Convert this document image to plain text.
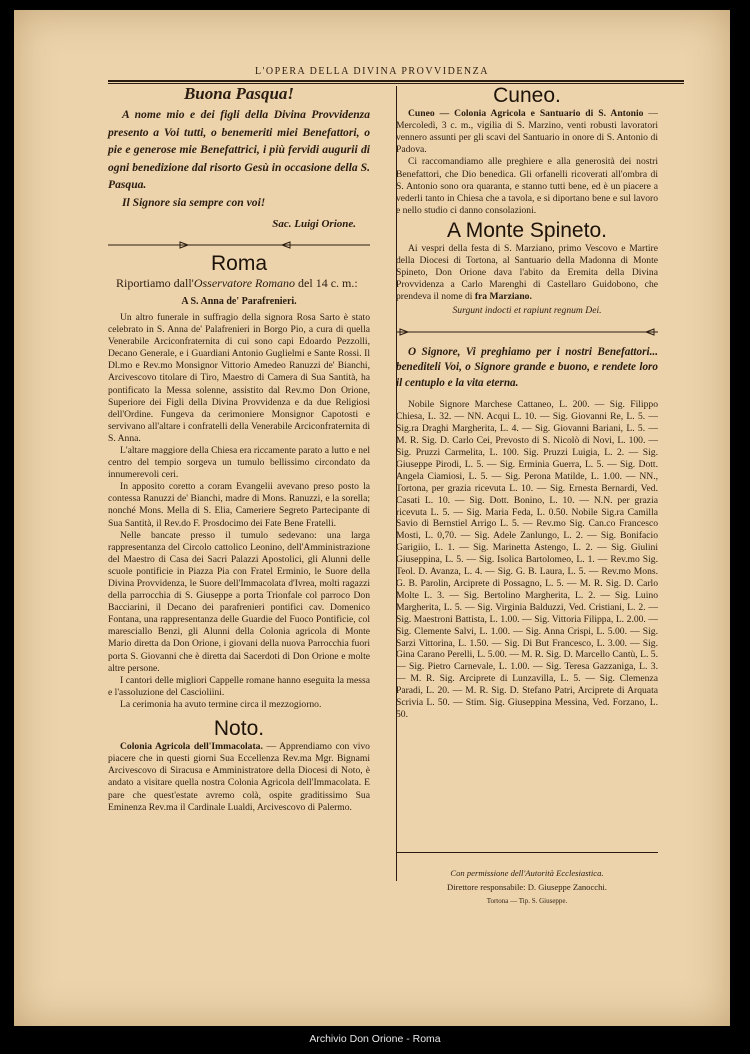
L'OPERA DELLA DIVINA PROVVIDENZA
Buona Pasqua!

A nome mio e dei figli della Divina Provvidenza presento a Voi tutti, o benemeriti miei Benefattori, o pie e generose mie Benefattrici, i più fervidi augurii di ogni benedizione dal risorto Gesù in occasione della S. Pasqua.

Il Signore sia sempre con voi!

Sac. Luigi Orione.
Roma

Riportiamo dall'Osservatore Romano del 14 c. m.:

A S. Anna de' Parafrenieri.

Un altro funerale in suffragio della signora Rosa Sarto è stato celebrato in S. Anna de' Palafrenieri in Borgo Pio, a cura di quella Venerabile Arciconfraternita di cui sono capi Edoardo Pezzolli, Decano Generale, e i Guardiani Antonio Guglielmi e Sante Rossi. Il Dl.mo e Rev.mo Monsignor Vittorio Amedeo Ranuzzi de' Bianchi, Arcivescovo titolare di Tiro, Maestro di Camera di Sua Santità, ha pontificato la Messa solenne, assistito dal Rev.mo Don Orione, Superiore dei Figli della Divina Provvidenza e da due Religiosi dell'Ordine. Fungeva da cerimoniere Monsignor Capotosti e servivano all'altare i confratelli della Venerabile Arciconfraternita di S. Anna.

L'altare maggiore della Chiesa era riccamente parato a lutto e nel centro del tempio sorgeva un tumulo bellissimo circondato da innumerevoli ceri.

In apposito coretto a coram Evangelii avevano preso posto la contessa Ranuzzi de' Bianchi, madre di Mons. Ranuzzi, e la sorella; nonché Mons. Mella di S. Elia, Cameriere Segreto Partecipante di Sua Santità, il Rev.do F. Prosdocimo dei Fate Bene Fratelli.

Nelle bancate presso il tumulo sedevano: una larga rappresentanza del Circolo cattolico Leonino, dell'Amministrazione del Maestro di Casa dei Sacri Palazzi Apostolici, gli Alunni delle scuole pontificie in Piazza Pia con Fratel Erminio, le Suore della Divina Provvidenza, le Suore dell'Immacolata d'Ivrea, molti ragazzi della parrocchia di S. Giuseppe a porta Trionfale col parroco Don Bacciarini, il Decano dei parafrenieri pontifici cav. Domenico Fontana, una rappresentanza delle Guardie del Fuoco Pontificie, col maresciallo Benzi, gli Alunni della Colonia agricola di Monte Mario diretta da Don Orione, i giovani della nuova Parrocchia fuori porta S. Giovanni che è diretta dai Sacerdoti di Don Orione e molte altre persone.

I cantori delle migliori Cappelle romane hanno eseguita la messa e l'assoluzione del Cascioliini.

La cerimonia ha avuto termine circa il mezzogiorno.

Noto.

Colonia Agricola dell'Immacolata. — Apprendiamo con vivo piacere che in questi giorni Sua Eccellenza Rev.ma Mgr. Bignami Arcivescovo di Siracusa e Amministratore della Diocesi di Noto, è andato a visitare quella nostra Colonia Agricola dell'Immacolata. E pare che quest'estate avremo colà, ospite graditissimo Sua Eminenza Rev.ma il Cardinale Lualdi, Arcivescovo di Palermo.

Cuneo.

Cuneo — Colonia Agricola e Santuario di S. Antonio — Mercoledì, 3 c. m., vigilia di S. Marzino, venti robusti lavoratori vennero assunti per gli scavi del Santuario in onore di S. Antonio di Padova.

Ci raccomandiamo alle preghiere e alla generosità dei nostri Benefattori, che Dio benedica. Gli orfanelli ricoverati all'ombra di S. Antonio sono ora quaranta, e stanno tutti bene, ed è un piacere a vederli tanto in Chiesa che a tavola, e si diportano bene e sul lavoro e nello studio ci danno consolazioni.

A Monte Spineto.

Ai vespri della festa di S. Marziano, primo Vescovo e Martire della Diocesi di Tortona, al Santuario della Madonna di Monte Spineto, Don Orione dava l'abito da Eremita della Divina Provvidenza a Carlo Marenghi di Castellaro Guidobono, che prendeva il nome di fra Marziano.

Surgunt indocti et rapiunt regnum Dei.

O Signore, Vi preghiamo per i nostri Benefattori... benediteli Voi, o Signore grande e buono, e rendete loro il centuplo e la vita eterna.

Nobile Signore Marchese Cattaneo, L. 200. — Sig. Filippo Chiesa, L. 32. — NN. Acqui L. 10. — Sig. Giovanni Re, L. 5. — Sig.ra Draghi Margherita, L. 4. — Sig. Giovanni Bariani, L. 5. — M. R. Sig. D. Carlo Cei, Prevosto di S. Nicolò di Novi, L. 100. — Sig. Pruzzi Carmelita, L. 100. Sig. Pruzzi Luigia, L. 2. — Sig. Giuseppe Pirodi, L. 5. — Sig. Erminia Guerra, L. 5. — Sig. Dott. Angela Ciamiosi, L. 5. — Sig. Perona Matilde, L. 1.00. — NN., Tortona, per grazia ricevuta L. 10. — Sig. Ernesta Bernardi, Ved. Casati L. 10. — Sig. Dott. Bonino, L. 10. — N.N. per grazia ricevuta L. 5. — Sig. Maria Feda, L. 0.50. Nobile Sig.ra Camilla Savio di Bernstiel Arrigo L. 5. — Rev.mo Sig. Can.co Francesco Mosti, L. 0,70. — Sig. Adele Zanlungo, L. 2. — Sig. Bonifacio Garigiio, L. 1. — Sig. Marinetta Astengo, L. 2. — Sig. Giulini Giuseppina, L. 5. — Sig. Isolica Bartolomeo, L. 1. — Rev.mo Sig. Teol. D. Avanza, L. 4. — Sig. G. B. Laura, L. 5. — Rev.mo Mons. G. B. Parolin, Arciprete di Possagno, L. 5. — M. R. Sig. D. Carlo Molte L. 3. — Sig. Bertolino Margherita, L. 2. — Sig. Luino Margherita, L. 5. — Sig. Virginia Balduzzi, Ved. Cristiani, L. 2. — Sig. Maestroni Battista, L. 1.00. — Sig. Vittoria Filippa, L. 2.00. — Sig. Clemente Salvi, L. 1.00. — Sig. Anna Crispi, L. 5.00. — Sig. Sarzi Vittorina, L. 1.50. — Sig. Di But Francesco, L. 3.00. — Sig. Gina Carano Perelli, L. 5.00. — M. R. Sig. D. Marcello Cantù, L. 5. — Sig. Pietro Carnevale, L. 1.00. — Sig. Teresa Gazzaniga, L. 3. — M. R. Sig. Arciprete di Lunzavilla, L. 5. — Sig. Clemenza Paradi, L. 20. — M. R. Sig. D. Stefano Patri, Arciprete di Arquata Scrivia L. 50. — Stim. Sig. Giuseppina Messina, Ved. Forzano, L. 50.

Con permissione dell'Autorità Ecclesiastica.
Direttore responsabile: D. Giuseppe Zanocchi.
Tortona — Tip. S. Giuseppe.
Archivio Don Orione - Roma
